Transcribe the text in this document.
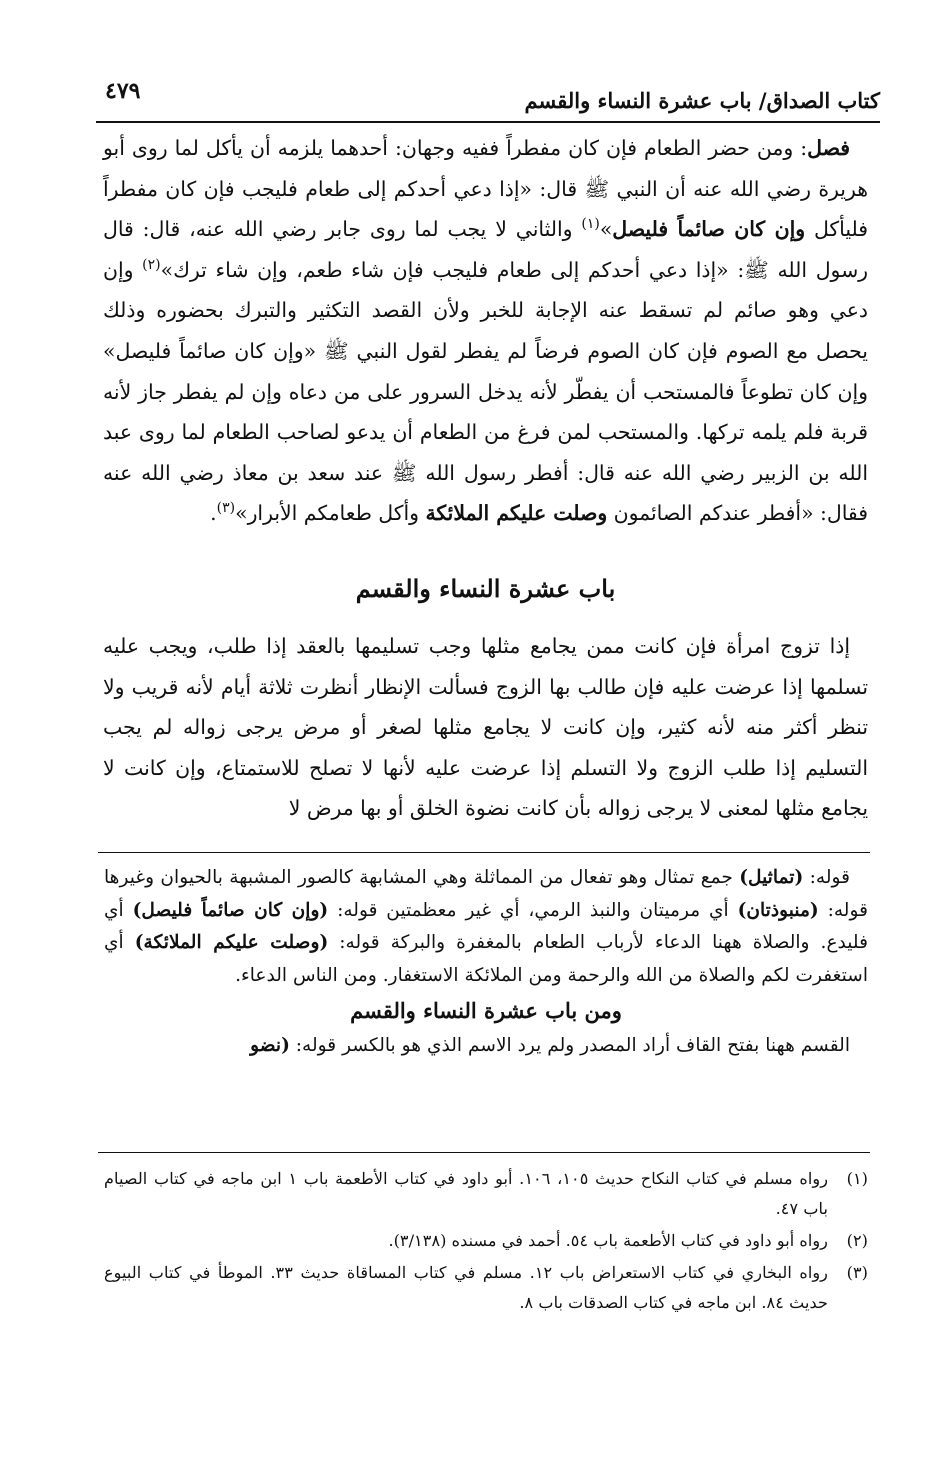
كتاب الصداق/ باب عشرة النساء والقسم
٤٧٩

فصل: ومن حضر الطعام فإن كان مفطراً ففيه وجهان: أحدهما يلزمه أن يأكل لما روى أبو هريرة رضي الله عنه أن النبي ﷺ قال: «إذا دعي أحدكم إلى طعام فليجب فإن كان مفطراً فليأكل وإن كان صائماً فليصل»$^{(١)}$ والثاني لا يجب لما روى جابر رضي الله عنه، قال: قال رسول الله ﷺ: «إذا دعي أحدكم إلى طعام فليجب فإن شاء طعم، وإن شاء ترك»$^{(٢)}$ وإن دعي وهو صائم لم تسقط عنه الإجابة للخبر ولأن القصد التكثير والتبرك بحضوره وذلك يحصل مع الصوم فإن كان الصوم فرضاً لم يفطر لقول النبي ﷺ «وإن كان صائماً فليصل» وإن كان تطوعاً فالمستحب أن يفطّر لأنه يدخل السرور على من دعاه وإن لم يفطر جاز لأنه قربة فلم يلمه تركها. والمستحب لمن فرغ من الطعام أن يدعو لصاحب الطعام لما روى عبد الله بن الزبير رضي الله عنه قال: أفطر رسول الله ﷺ عند سعد بن معاذ رضي الله عنه فقال: «أفطر عندكم الصائمون وصلت عليكم الملائكة وأكل طعامكم الأبرار»$^{(٣)}$.

باب عشرة النساء والقسم

إذا تزوج امرأة فإن كانت ممن يجامع مثلها وجب تسليمها بالعقد إذا طلب، ويجب عليه تسلمها إذا عرضت عليه فإن طالب بها الزوج فسألت الإنظار أنظرت ثلاثة أيام لأنه قريب ولا تنظر أكثر منه لأنه كثير، وإن كانت لا يجامع مثلها لصغر أو مرض يرجى زواله لم يجب التسليم إذا طلب الزوج ولا التسلم إذا عرضت عليه لأنها لا تصلح للاستمتاع، وإن كانت لا يجامع مثلها لمعنى لا يرجى زواله بأن كانت نضوة الخلق أو بها مرض لا

قوله: (تماثيل) جمع تمثال وهو تفعال من المماثلة وهي المشابهة كالصور المشبهة بالحيوان وغيرها قوله: (منبوذتان) أي مرميتان والنبذ الرمي، أي غير معظمتين قوله: (وإن كان صائماً فليصل) أي فليدع. والصلاة ههنا الدعاء لأرباب الطعام بالمغفرة والبركة قوله: (وصلت عليكم الملائكة) أي استغفرت لكم والصلاة من الله والرحمة ومن الملائكة الاستغفار. ومن الناس الدعاء.

ومن باب عشرة النساء والقسم

القسم ههنا بفتح القاف أراد المصدر ولم يرد الاسم الذي هو بالكسر قوله: (نضو

(١)
رواه مسلم في كتاب النكاح حديث ١٠٥، ١٠٦. أبو داود في كتاب الأطعمة باب ١ ابن ماجه في كتاب الصيام باب ٤٧.
(٢)
رواه أبو داود في كتاب الأطعمة باب ٥٤. أحمد في مسنده (٣/١٣٨).
(٣)
رواه البخاري في كتاب الاستعراض باب ١٢. مسلم في كتاب المساقاة حديث ٣٣. الموطأ في كتاب البيوع حديث ٨٤. ابن ماجه في كتاب الصدقات باب ٨.
